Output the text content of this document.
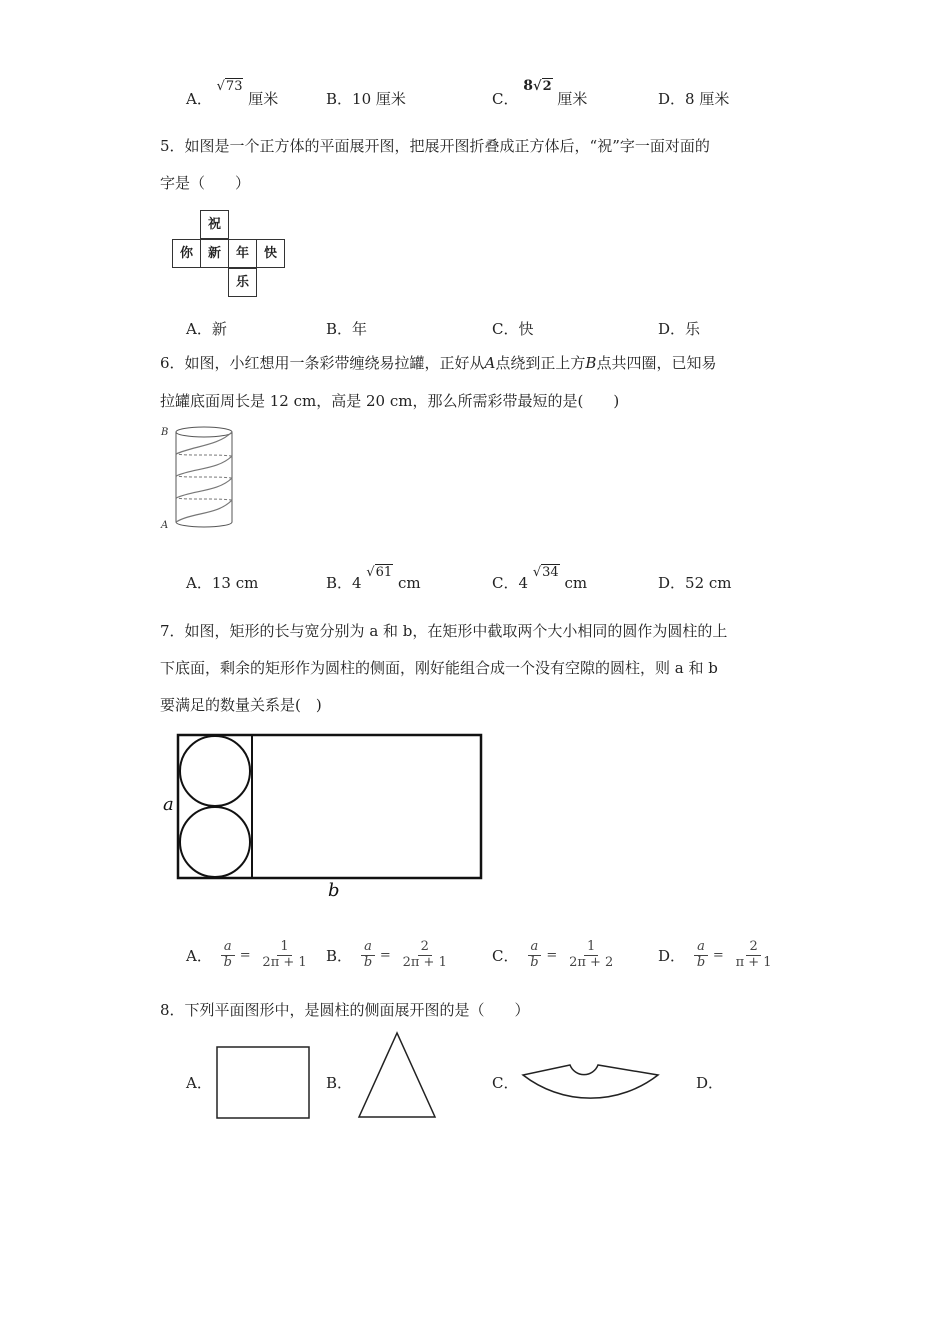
A． √73 厘米	B．10 厘米	C． 8√2 厘米	D．8 厘米
5．如图是一个正方体的平面展开图，把展开图折叠成正方体后，“祝”字一面对面的
字是（　　）
祝
你	新	年	快
乐
A．新	B．年	C．快	D．乐
6．如图，小红想用一条彩带缠绕易拉罐，正好从A点绕到正上方B点共四圈，已知易
拉罐底面周长是 12 cm，高是 20 cm，那么所需彩带最短的是(　　)
B
A
A．13 cm	B．4 √61 cm	C．4 √34 cm	D．52 cm
7．如图，矩形的长与宽分别为 a 和 b，在矩形中截取两个大小相同的圆作为圆柱的上
下底面，剩余的矩形作为圆柱的侧面，刚好能组合成一个没有空隙的圆柱，则 a 和 b
要满足的数量关系是(　)
a
b
A． $\frac{a}{b} = \frac{1}{2\pi + 1}$ B． $\frac{a}{b} = \frac{2}{2\pi + 1}$	C． $\frac{a}{b} = \frac{1}{2\pi + 2}$	D． $\frac{a}{b} = \frac{2}{\pi + 1}$
8．下列平面图形中，是圆柱的侧面展开图的是（　　）
A．	B．	C．	D．
